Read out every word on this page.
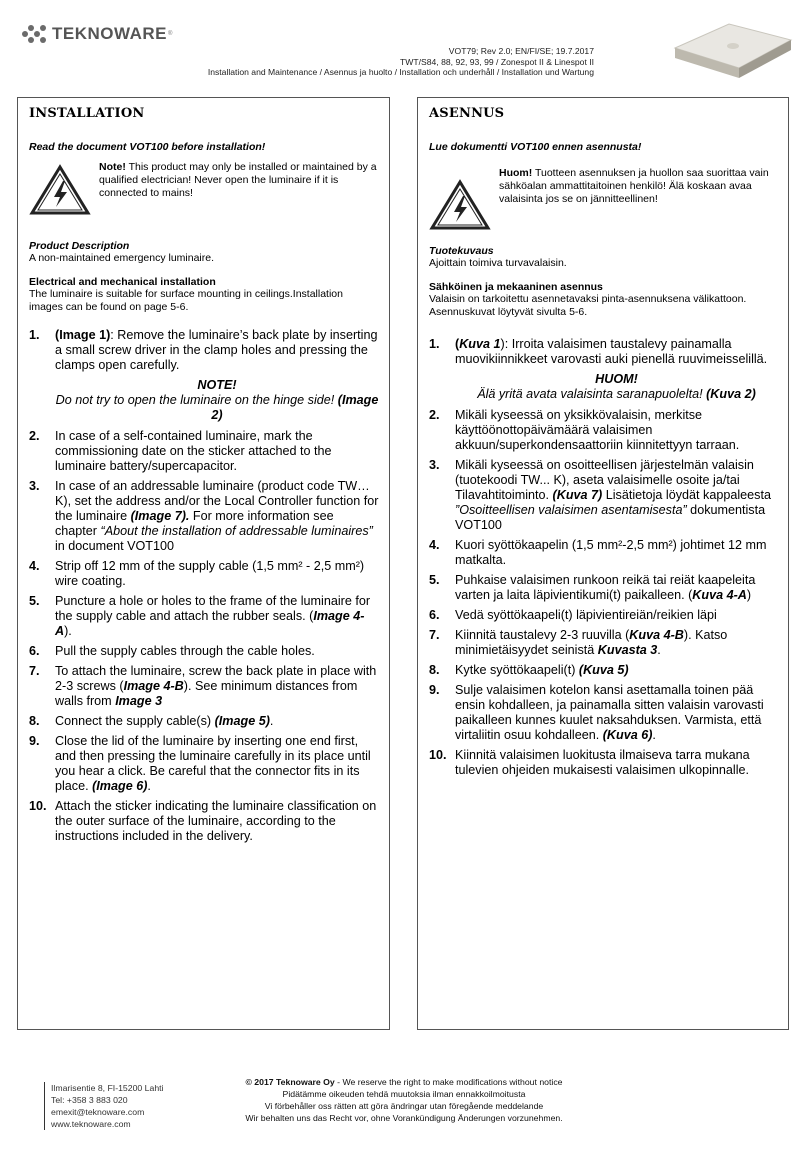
TEKNOWARE ®
VOT79; Rev 2.0; EN/FI/SE; 19.7.2017
TWT/S84, 88, 92, 93, 99 / Zonespot II & Linespot II
Installation and Maintenance / Asennus ja huolto / Installation och underhåll / Installation und Wartung
INSTALLATION
Read the document VOT100 before installation!
Note! This product may only be installed or maintained by a qualified electrician! Never open the luminaire if it is connected to mains!
Product Description
A non-maintained emergency luminaire.
Electrical and mechanical installation
The luminaire is suitable for surface mounting in ceilings.Installation images can be found on page 5-6.
1.	(Image 1): Remove the luminaire’s back plate by inserting a small screw driver in the clamp holes and pressing the clamps open carefully.
NOTE!
Do not try to open the luminaire on the hinge side! (Image 2)
2.	In case of a self-contained luminaire, mark the commissioning date on the sticker attached to the luminaire battery/supercapacitor.
3.	In case of an addressable luminaire (product code TW… K), set the address and/or the Local Controller function for the luminaire (Image 7). For more information see chapter “About the installation of addressable luminaires” in document VOT100
4.	Strip off 12 mm of the supply cable (1,5 mm² - 2,5 mm²) wire coating.
5.	Puncture a hole or holes to the frame of the luminaire for the supply cable and attach the rubber seals. (Image 4-A).
6.	Pull the supply cables through the cable holes.
7.	To attach the luminaire, screw the back plate in place with 2-3 screws (Image 4-B). See minimum distances from walls from Image 3
8.	Connect the supply cable(s) (Image 5).
9.	Close the lid of the luminaire by inserting one end first, and then pressing the luminaire carefully in its place until you hear a click. Be careful that the connector fits in its place. (Image 6).
10. Attach the sticker indicating the luminaire classification on the outer surface of the luminaire, according to the instructions included in the delivery.
ASENNUS
Lue dokumentti VOT100 ennen asennusta!
Huom! Tuotteen asennuksen ja huollon saa suorittaa vain sähköalan ammattitaitoinen henkilö! Älä koskaan avaa valaisinta jos se on jännitteellinen!
Tuotekuvaus
Ajoittain toimiva turvavalaisin.
Sähköinen ja mekaaninen asennus
Valaisin on tarkoitettu asennetavaksi pinta-asennuksena välikattoon. Asennuskuvat löytyvät sivulta 5-6.
1.	(Kuva 1): Irroita valaisimen taustalevy painamalla muovikiinnikkeet varovasti auki pienellä ruuvimeisselillä.
HUOM!
Älä yritä avata valaisinta saranapuolelta! (Kuva 2)
2.	Mikäli kyseessä on yksikkövalaisin, merkitse käyttöönottopäivämäärä valaisimen akkuun/superkondensaattoriin kiinnitettyyn tarraan.
3.	Mikäli kyseessä on osoitteellisen järjestelmän valaisin (tuotekoodi TW... K), aseta valaisimelle osoite ja/tai Tilavahtitoiminto. (Kuva 7) Lisätietoja löydät kappaleesta ”Osoitteellisen valaisimen asentamisesta” dokumentista VOT100
4.	Kuori syöttökaapelin (1,5 mm²-2,5 mm²) johtimet 12 mm matkalta.
5.	Puhkaise valaisimen runkoon reikä tai reiät kaapeleita varten ja laita läpivientikumi(t) paikalleen. (Kuva 4-A)
6.	Vedä syöttökaapeli(t) läpivientireiän/reikien läpi
7.	Kiinnitä taustalevy 2-3 ruuvilla (Kuva 4-B). Katso minimietäisyydet seinistä Kuvasta 3.
8.	Kytke syöttökaapeli(t) (Kuva 5)
9.	Sulje valaisimen kotelon kansi asettamalla toinen pää ensin kohdalleen, ja painamalla sitten valaisin varovasti paikalleen kunnes kuulet naksahduksen. Varmista, että virtaliitin osuu kohdalleen. (Kuva 6).
10. Kiinnitä valaisimen luokitusta ilmaiseva tarra mukana tulevien ohjeiden mukaisesti valaisimen ulkopinnalle.
Ilmarisentie 8, FI-15200 Lahti
Tel: +358 3 883 020
emexit@teknoware.com
www.teknoware.com
© 2017 Teknoware Oy - We reserve the right to make modifications without notice
Pidätämme oikeuden tehdä muutoksia ilman ennakkoilmoitusta
Vi förbehåller oss rätten att göra ändringar utan föregående meddelande
Wir behalten uns das Recht vor, ohne Vorankündigung Änderungen vorzunehmen.
